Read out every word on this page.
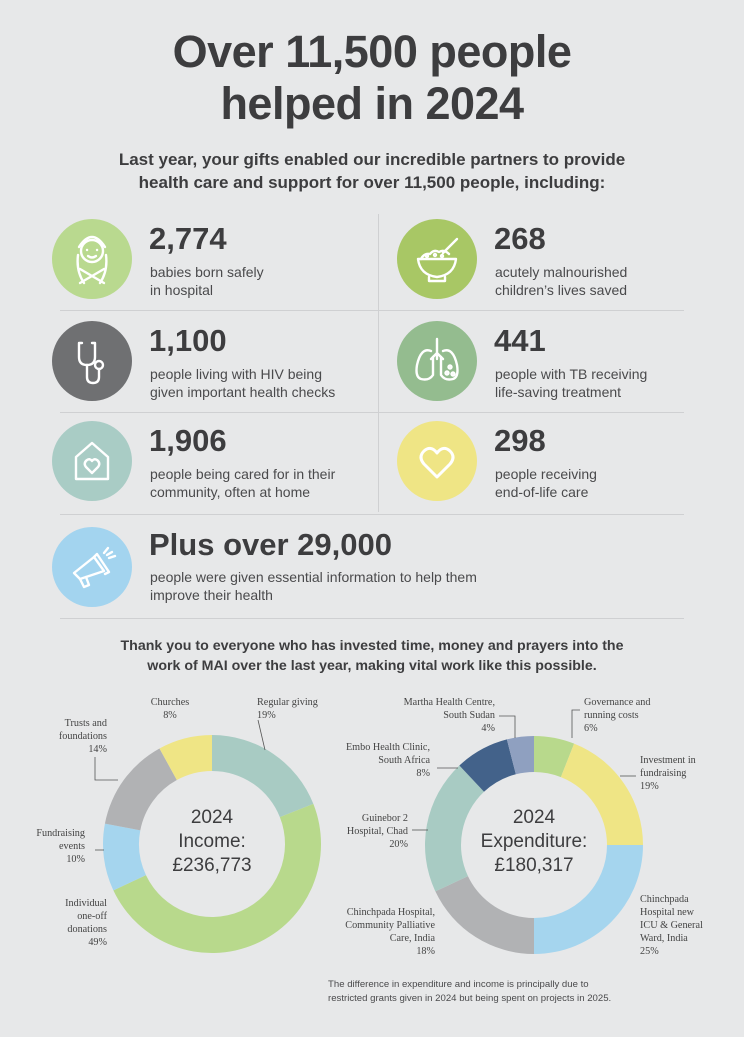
Over 11,500 people
helped in 2024
Last year, your gifts enabled our incredible partners to provide
health care and support for over 11,500 people, including:
2,774
babies born safely
in hospital
268
acutely malnourished
children’s lives saved
1,100
people living with HIV being
given important health checks
441
people with TB receiving
life-saving treatment
1,906
people being cared for in their
community, often at home
298
people receiving
end-of-life care
Plus over 29,000
people were given essential information to help them
improve their health
Thank you to everyone who has invested time, money and prayers into the
work of MAI over the last year, making vital work like this possible.
Churches
8%
Regular giving
19%
Trusts and
foundations
14%
Fundraising
events
10%
Individual
one-off
donations
49%
2024
Income:
£236,773
Martha Health Centre,
South Sudan
4%
Governance and
running costs
6%
Embo Health Clinic,
South Africa
8%
Investment in
fundraising
19%
Guinebor 2
Hospital, Chad
20%
Chinchpada
Hospital new
ICU & General
Ward, India
25%
Chinchpada Hospital,
Community Palliative
Care, India
18%
2024
Expenditure:
£180,317
The difference in expenditure and income is principally due to
restricted grants given in 2024 but being spent on projects in 2025.
